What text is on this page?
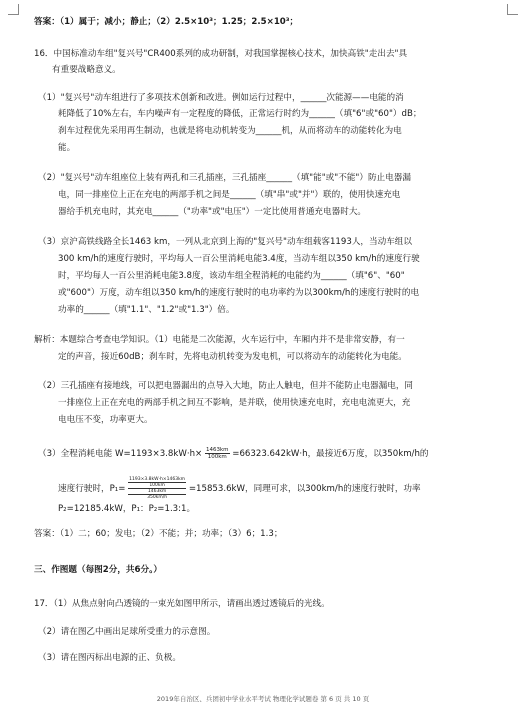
答案：（1）属于；减小；静止；（2）2.5×10³；1.25；2.5×10³；
16．中国标准动车组"复兴号"CR400系列的成功研制，对我国掌握核心技术，加快高铁"走出去"具
有重要战略意义。
（1）"复兴号"动车组进行了多项技术创新和改进。例如运行过程中，______次能源——电能的消
耗降低了10%左右，车内噪声有一定程度的降低，正常运行时约为______（填"6"或"60"）dB；
刹车过程优先采用再生制动，也就是将电动机转变为______机，从而将动车的动能转化为电
能。
（2）"复兴号"动车组座位上装有两孔和三孔插座，三孔插座______（填"能"或"不能"）防止电器漏
电，同一排座位上正在充电的两部手机之间是______（填"串"或"并"）联的，使用快速充电
器给手机充电时，其充电______（"功率"或"电压"）一定比使用普通充电器时大。
（3）京沪高铁线路全长1463 km，一列从北京到上海的"复兴号"动车组载客1193人，当动车组以
300 km/h的速度行驶时，平均每人一百公里消耗电能3.4度，当动车组以350 km/h的速度行驶
时，平均每人一百公里消耗电能3.8度，该动车组全程消耗的电能约为______（填"6"、"60"
或"600"）万度，动车组以350 km/h的速度行驶时的电功率约为以300km/h的速度行驶时的电
功率的______（填"1.1"、"1.2"或"1.3"）倍。
解析：本题综合考查电学知识。（1）电能是二次能源，火车运行中，车厢内并不是非常安静，有一
定的声音，接近60dB；刹车时，先将电动机转变为发电机，可以将动车的动能转化为电能。
（2）三孔插座有接地线，可以把电器漏出的点导入大地，防止人触电，但并不能防止电器漏电，同
一排座位上正在充电的两部手机之间互不影响，是并联，使用快速充电时，充电电流更大，充
电电压不变，功率更大。
（3）全程消耗电能 $W=1193\times 3.8kW\cdot h\times \frac{1463km}{100km} =66323.642kW\cdot h$，最接近6万度，以350km/h的
速度行驶时，P₁=
1193×3.8kW·h×1463km
100km
1463km
350km/h
=15853.6kW，同理可求，以300km/h的速度行驶时，功率
P₂=12185.4kW，P₁：P₂=1.3:1。
答案：（1）二；60；发电；（2）不能；并；功率；（3）6；1.3；
三、作图题（每图2分，共6分。）
17．（1）从焦点射向凸透镜的一束光如图甲所示，请画出透过透镜后的光线。
（2）请在图乙中画出足球所受重力的示意图。
（3）请在图丙标出电源的正、负极。
2019年自治区、兵团初中学业水平考试 物理化学试题卷 第 6 页 共 10 页
